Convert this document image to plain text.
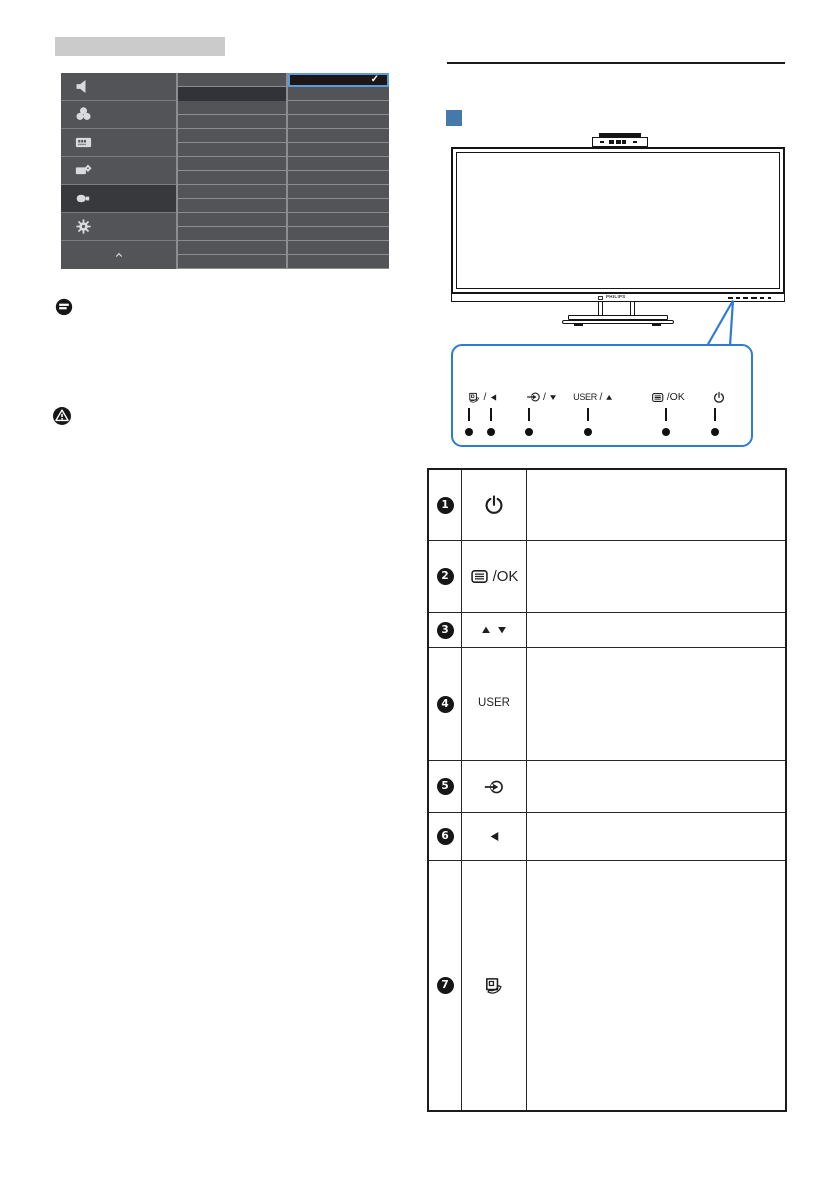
✓
PHILIPS
/	/	USER /	/OK
1
2	/OK
3
4	USER
5
6
7
